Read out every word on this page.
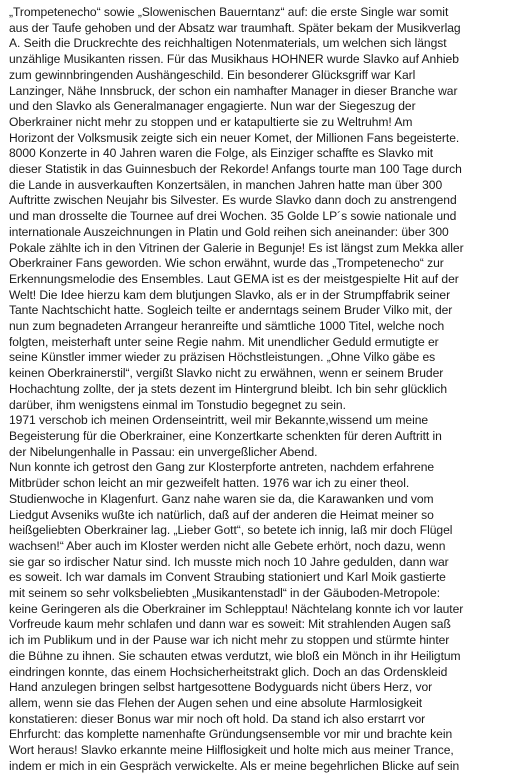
„Trompetenecho“ sowie „Slowenischen Bauerntanz“ auf: die erste Single war somit
aus der Taufe gehoben und der Absatz war traumhaft. Später bekam der Musikverlag
A. Seith die Druckrechte des reichhaltigen Notenmaterials, um welchen sich längst
unzählige Musikanten rissen. Für das Musikhaus HOHNER wurde Slavko auf Anhieb
zum gewinnbringenden Aushängeschild. Ein besonderer Glücksgriff war Karl
Lanzinger, Nähe Innsbruck, der schon ein namhafter Manager in dieser Branche war
und den Slavko als Generalmanager engagierte. Nun war der Siegeszug der
Oberkrainer nicht mehr zu stoppen und er katapultierte sie zu Weltruhm! Am
Horizont der Volksmusik zeigte sich ein neuer Komet, der Millionen Fans begeisterte.
8000 Konzerte in 40 Jahren waren die Folge, als Einziger schaffte es Slavko mit
dieser Statistik in das Guinnesbuch der Rekorde! Anfangs tourte man 100 Tage durch
die Lande in ausverkauften Konzertsälen, in manchen Jahren hatte man über 300
Auftritte zwischen Neujahr bis Silvester. Es wurde Slavko dann doch zu anstrengend
und man drosselte die Tournee auf drei Wochen. 35 Golde LP´s sowie nationale und
internationale Auszeichnungen in Platin und Gold reihen sich aneinander: über 300
Pokale zählte ich in den Vitrinen der Galerie in Begunje! Es ist längst zum Mekka aller
Oberkrainer Fans geworden. Wie schon erwähnt, wurde das „Trompetenecho“ zur
Erkennungsmelodie des Ensembles. Laut GEMA ist es der meistgespielte Hit auf der
Welt! Die Idee hierzu kam dem blutjungen Slavko, als er in der Strumpffabrik seiner
Tante Nachtschicht hatte. Sogleich teilte er anderntags seinem Bruder Vilko mit, der
nun zum begnadeten Arrangeur heranreifte und sämtliche 1000 Titel, welche noch
folgten, meisterhaft unter seine Regie nahm. Mit unendlicher Geduld ermutigte er
seine Künstler immer wieder zu präzisen Höchstleistungen. „Ohne Vilko gäbe es
keinen Oberkrainerstil“, vergißt Slavko nicht zu erwähnen, wenn er seinem Bruder
Hochachtung zollte, der ja stets dezent im Hintergrund bleibt. Ich bin sehr glücklich
darüber, ihm wenigstens einmal im Tonstudio begegnet zu sein.
1971 verschob ich meinen Ordenseintritt, weil mir Bekannte,wissend um meine
Begeisterung für die Oberkrainer, eine Konzertkarte schenkten für deren Auftritt in
der Nibelungenhalle in Passau: ein unvergeßlicher Abend.
Nun konnte ich getrost den Gang zur Klosterpforte antreten, nachdem erfahrene
Mitbrüder schon leicht an mir gezweifelt hatten. 1976 war ich zu einer theol.
Studienwoche in Klagenfurt. Ganz nahe waren sie da, die Karawanken und vom
Liedgut Avseniks wußte ich natürlich, daß auf der anderen die Heimat meiner so
heißgeliebten Oberkrainer lag. „Lieber Gott“, so betete ich innig, laß mir doch Flügel
wachsen!“ Aber auch im Kloster werden nicht alle Gebete erhört, noch dazu, wenn
sie gar so irdischer Natur sind. Ich musste mich noch 10 Jahre gedulden, dann war
es soweit. Ich war damals im Convent Straubing stationiert und Karl Moik gastierte
mit seinem so sehr volksbeliebten „Musikantenstadl“ in der Gäuboden-Metropole:
keine Geringeren als die Oberkrainer im Schlepptau! Nächtelang konnte ich vor lauter
Vorfreude kaum mehr schlafen und dann war es soweit: Mit strahlenden Augen saß
ich im Publikum und in der Pause war ich nicht mehr zu stoppen und stürmte hinter
die Bühne zu ihnen. Sie schauten etwas verdutzt, wie bloß ein Mönch in ihr Heiligtum
eindringen konnte, das einem Hochsicherheitstrakt glich. Doch an das Ordenskleid
Hand anzulegen bringen selbst hartgesottene Bodyguards nicht übers Herz, vor
allem, wenn sie das Flehen der Augen sehen und eine absolute Harmlosigkeit
konstatieren: dieser Bonus war mir noch oft hold. Da stand ich also erstarrt vor
Ehrfurcht: das komplette namenhafte Gründungsensemble vor mir und brachte kein
Wort heraus! Slavko erkannte meine Hilflosigkeit und holte mich aus meiner Trance,
indem er mich in ein Gespräch verwickelte. Als er meine begehrlichen Blicke auf sein
